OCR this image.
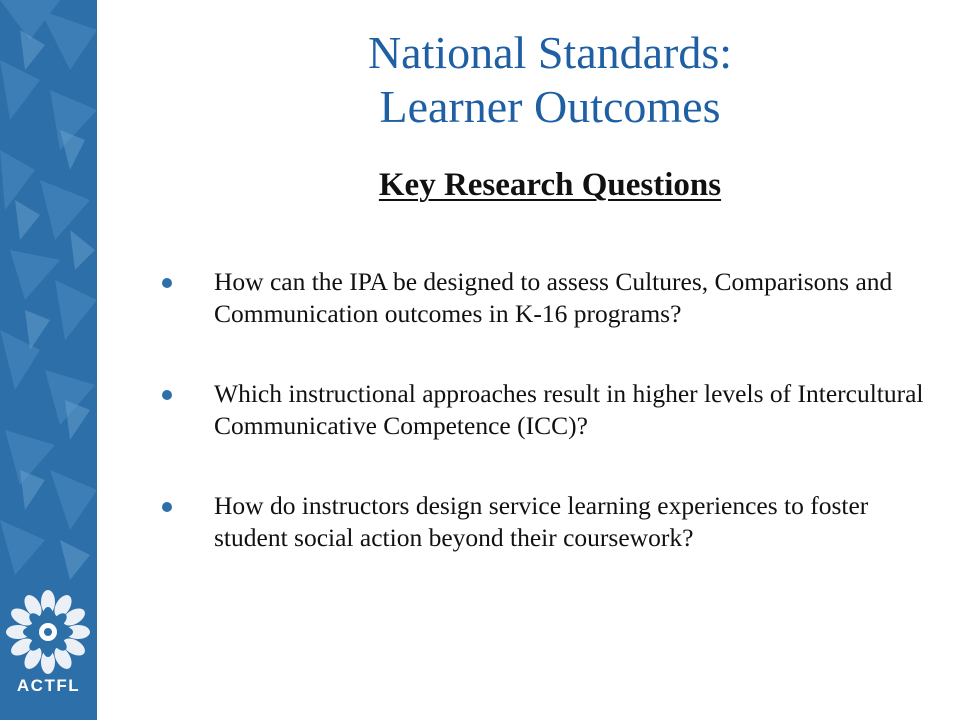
ACTFL
National Standards:
Learner Outcomes
Key Research Questions
How can the IPA be designed to assess Cultures, Comparisons and Communication outcomes in K-16 programs?
Which instructional approaches result in higher levels of Intercultural Communicative Competence (ICC)?
How do instructors design service learning experiences to foster student social action beyond their coursework?
